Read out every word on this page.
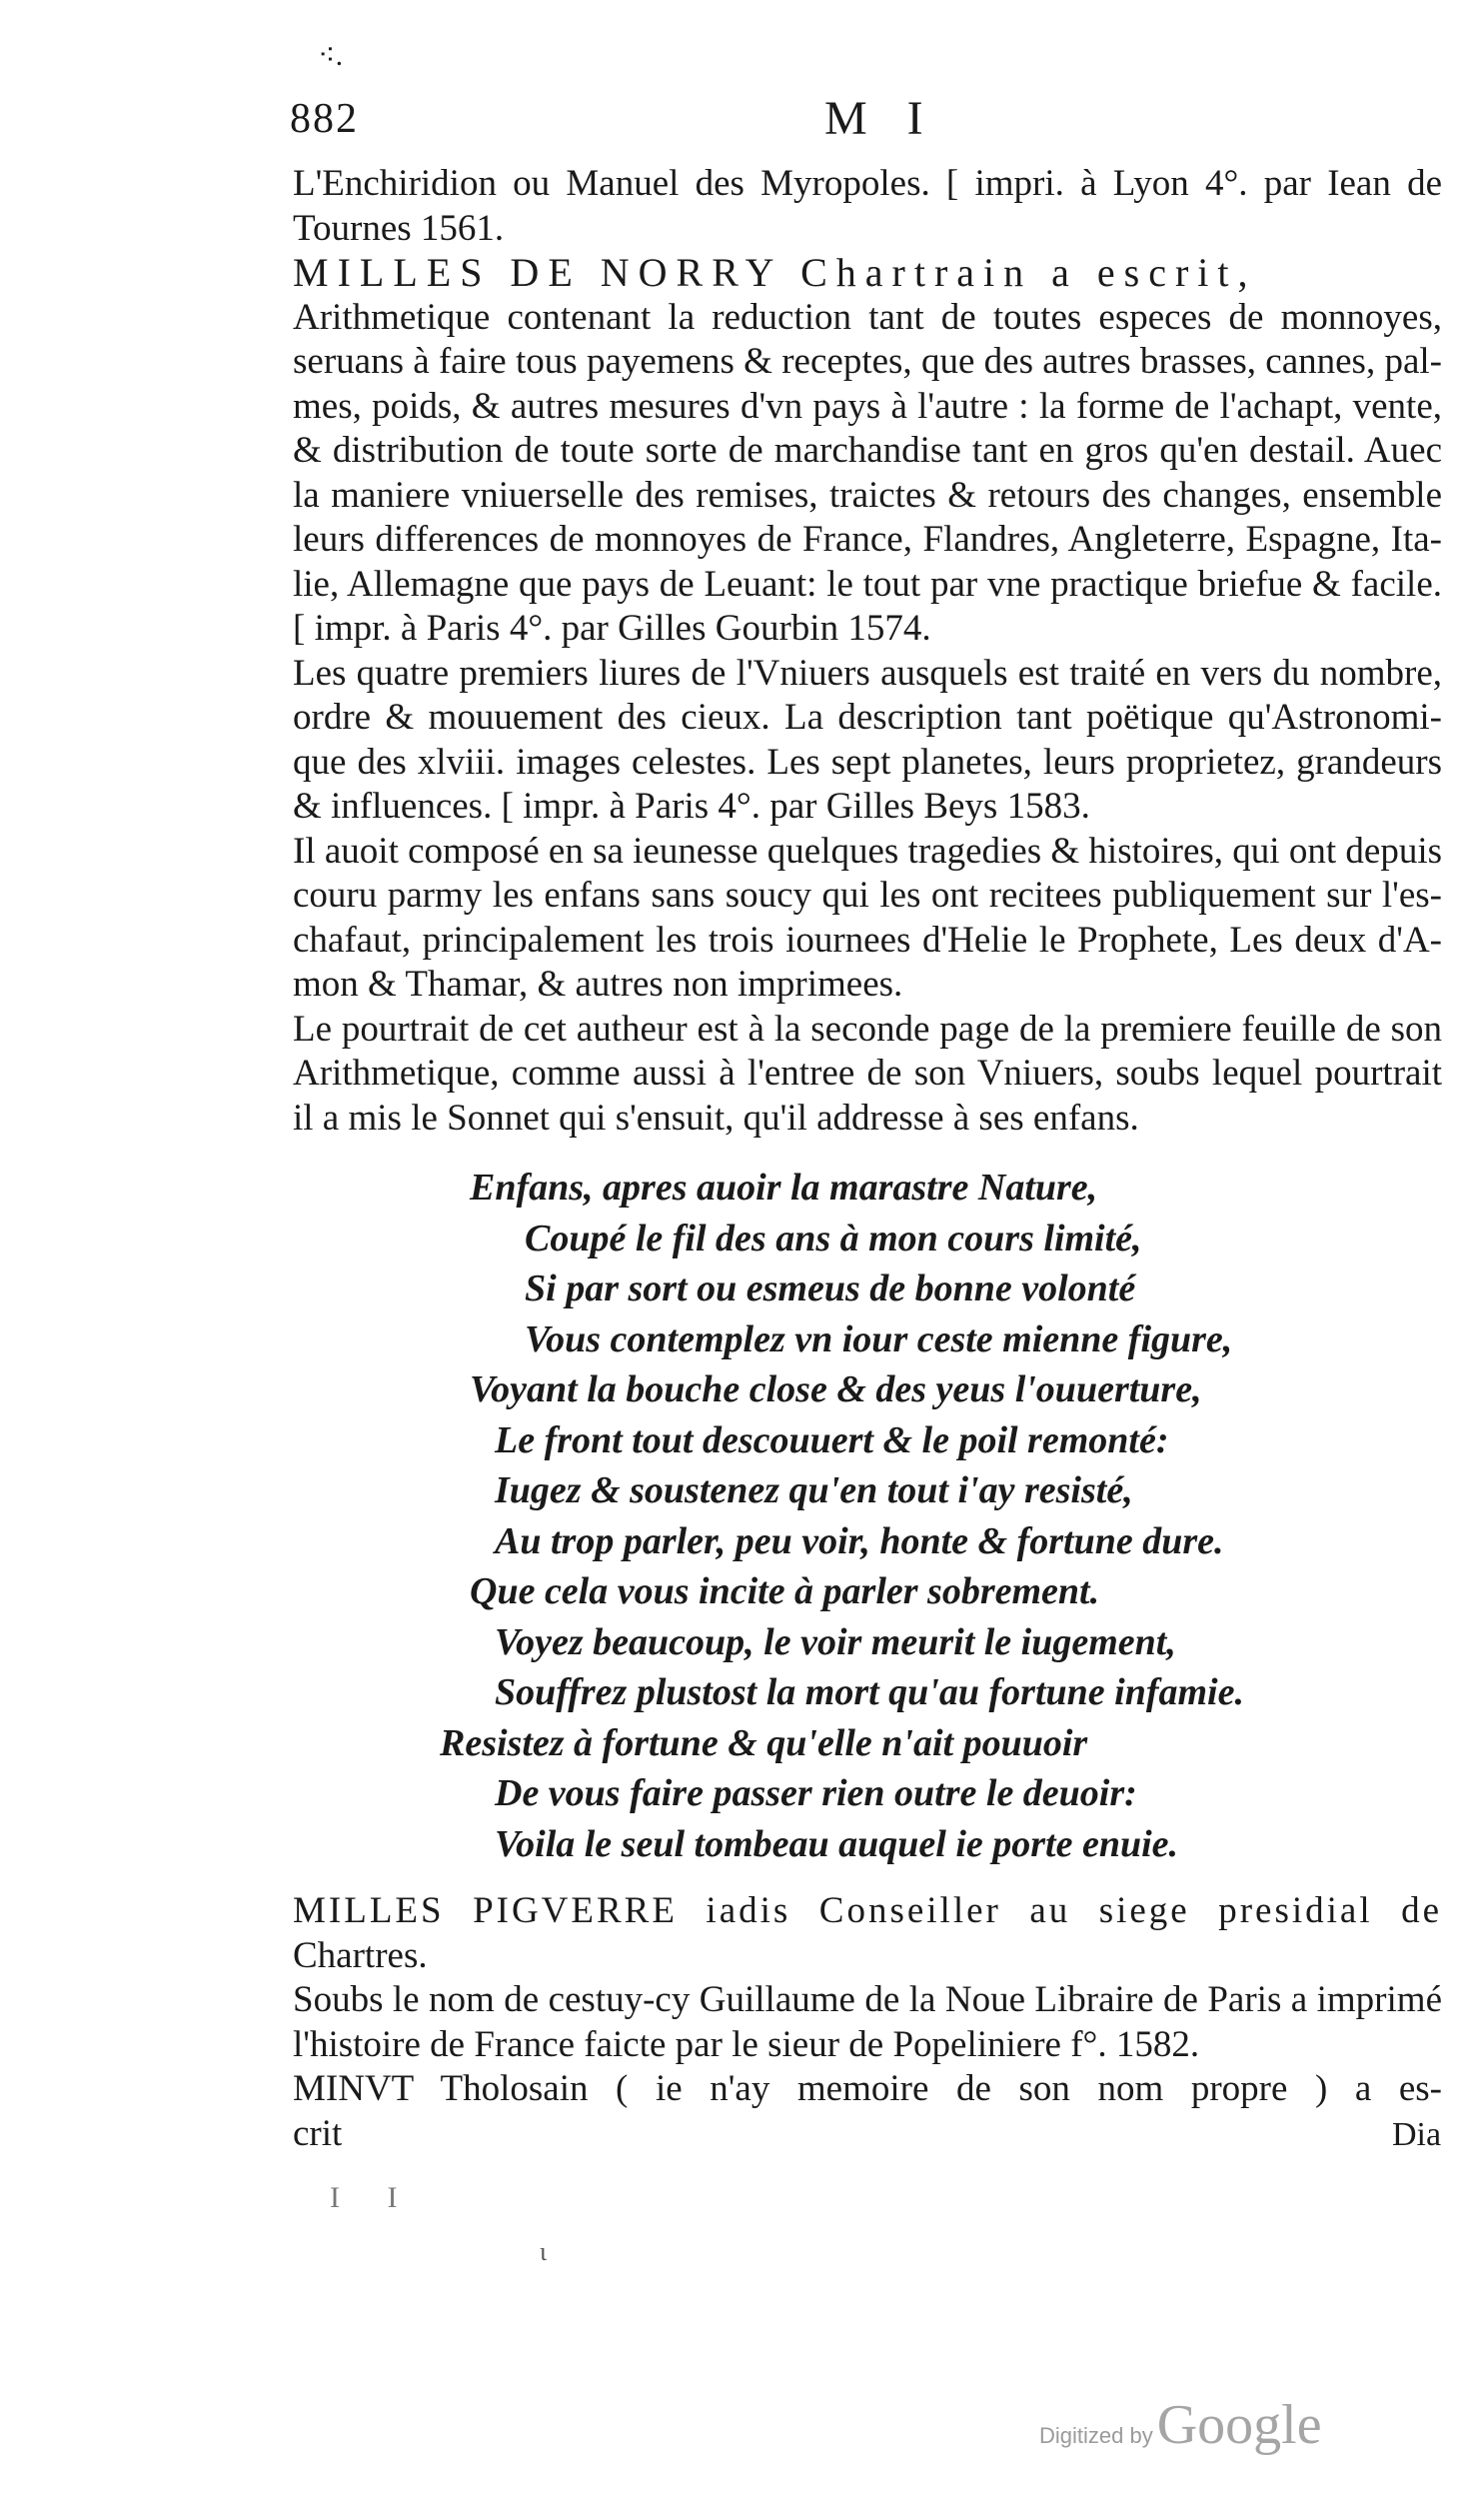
⁖.
882	M I
L'Enchiridion ou Manuel des Myropoles. [ impri. à Lyon 4°. par Iean de
Tournes 1561.
MILLES DE NORRY Chartrain a escrit,
Arithmetique contenant la reduction tant de toutes especes de monnoyes,
seruans à faire tous payemens & receptes, que des autres brasses, cannes, pal-
mes, poids, & autres mesures d'vn pays à l'autre : la forme de l'achapt, vente,
& distribution de toute sorte de marchandise tant en gros qu'en destail. Auec
la maniere vniuerselle des remises, traictes & retours des changes, ensemble
leurs differences de monnoyes de France, Flandres, Angleterre, Espagne, Ita-
lie, Allemagne que pays de Leuant: le tout par vne practique briefue & facile.
[ impr. à Paris 4°. par Gilles Gourbin 1574.
Les quatre premiers liures de l'Vniuers ausquels est traité en vers du nombre,
ordre & mouuement des cieux. La description tant poëtique qu'Astronomi-
que des xlviii. images celestes. Les sept planetes, leurs proprietez, grandeurs
& influences. [ impr. à Paris 4°. par Gilles Beys 1583.
Il auoit composé en sa ieunesse quelques tragedies & histoires, qui ont depuis
couru parmy les enfans sans soucy qui les ont recitees publiquement sur l'es-
chafaut, principalement les trois iournees d'Helie le Prophete, Les deux d'A-
mon & Thamar, & autres non imprimees.
Le pourtrait de cet autheur est à la seconde page de la premiere feuille de son
Arithmetique, comme aussi à l'entree de son Vniuers, soubs lequel pourtrait
il a mis le Sonnet qui s'ensuit, qu'il addresse à ses enfans.
Enfans, apres auoir la marastre Nature,
Coupé le fil des ans à mon cours limité,
Si par sort ou esmeus de bonne volonté
Vous contemplez vn iour ceste mienne figure,
Voyant la bouche close & des yeus l'ouuerture,
Le front tout descouuert & le poil remonté:
Iugez & soustenez qu'en tout i'ay resisté,
Au trop parler, peu voir, honte & fortune dure.
Que cela vous incite à parler sobrement.
Voyez beaucoup, le voir meurit le iugement,
Souffrez plustost la mort qu'au fortune infamie.
Resistez à fortune & qu'elle n'ait pouuoir
De vous faire passer rien outre le deuoir:
Voila le seul tombeau auquel ie porte enuie.
MILLES PIGVERRE iadis Conseiller au siege presidial de
Chartres.
Soubs le nom de cestuy-cy Guillaume de la Noue Libraire de Paris a imprimé
l'histoire de France faicte par le sieur de Popeliniere f°. 1582.
MINVT Tholosain ( ie n'ay memoire de son nom propre ) a es-
crit	Dia
I I
ɩ
Digitized by Google
